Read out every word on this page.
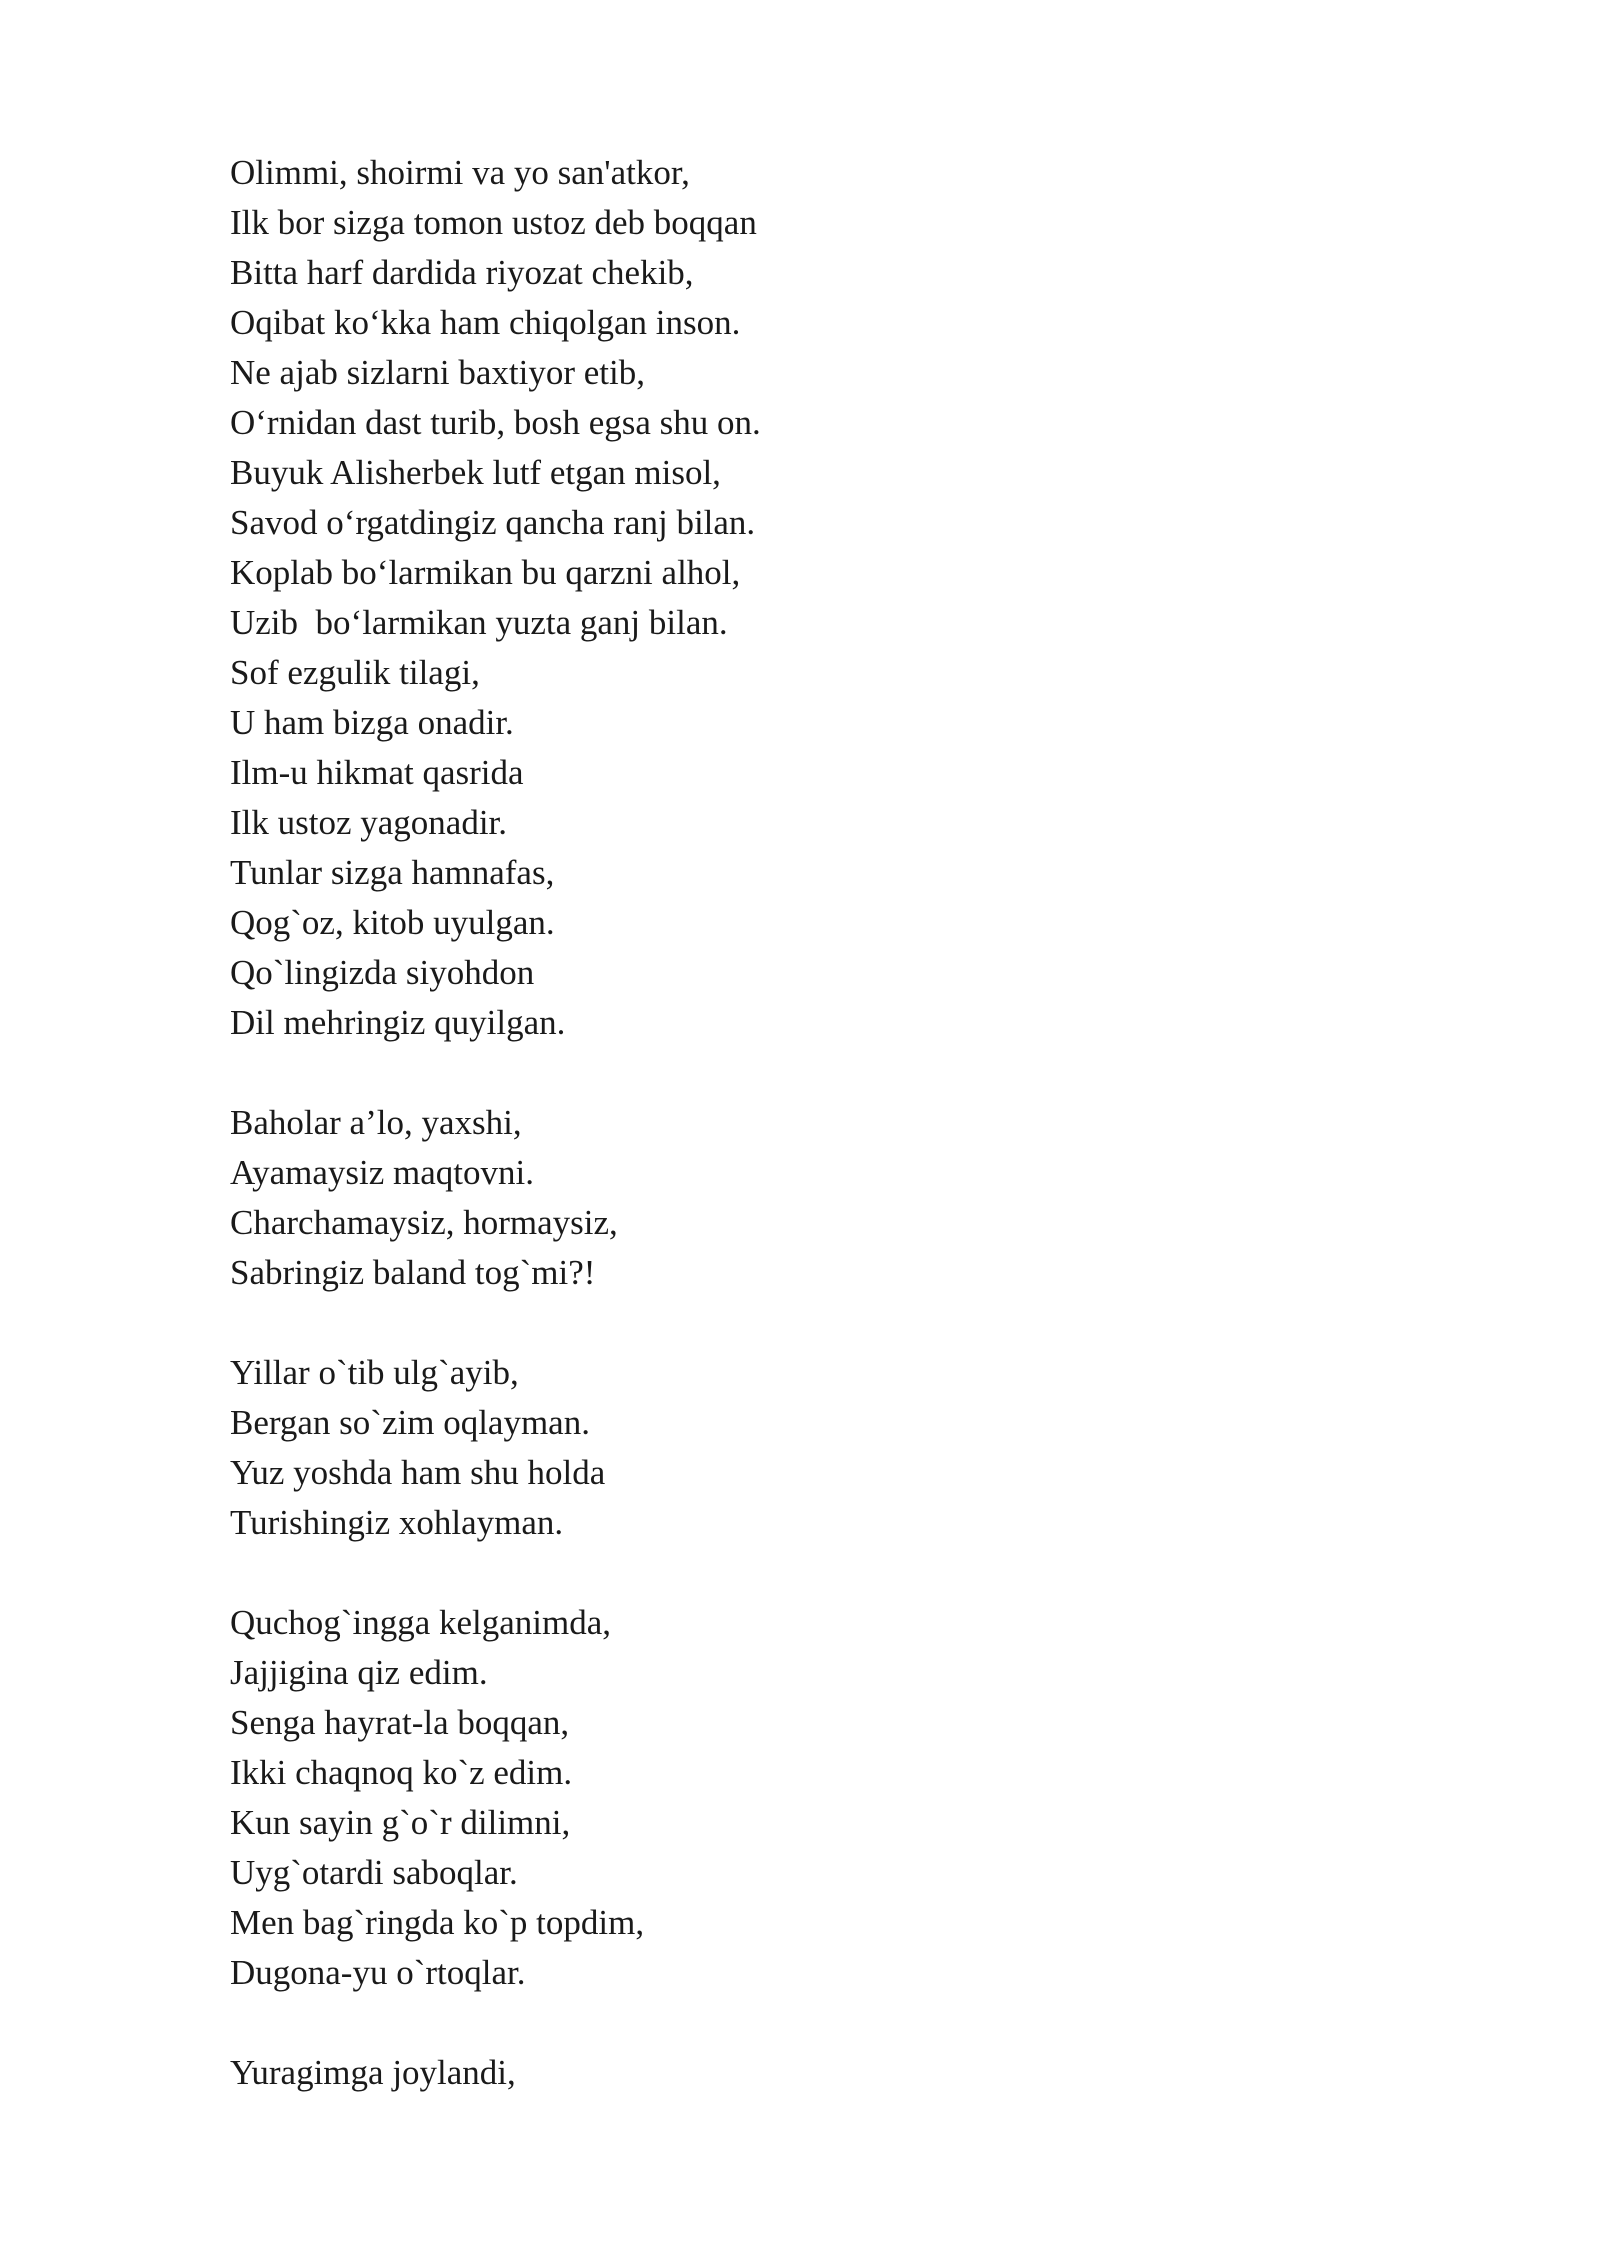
Olimmi, shoirmi va yo san'atkor,
Ilk bor sizga tomon ustoz deb boqqan
Bitta harf dardida riyozat chekib,
Oqibat koʻkka ham chiqolgan inson.
Ne ajab sizlarni baxtiyor etib,
Oʻrnidan dast turib, bosh egsa shu on.
Buyuk Alisherbek lutf etgan misol,
Savod oʻrgatdingiz qancha ranj bilan.
Koplab boʻlarmikan bu qarzni alhol,
Uzib  boʻlarmikan yuzta ganj bilan.
Sof ezgulik tilagi,
U ham bizga onadir.
Ilm-u hikmat qasrida
Ilk ustoz yagonadir.
Tunlar sizga hamnafas,
Qog`oz, kitob uyulgan.
Qo`lingizda siyohdon
Dil mehringiz quyilgan.
Baholar a’lo, yaxshi,
Ayamaysiz maqtovni.
Charchamaysiz, hormaysiz,
Sabringiz baland tog`mi?!
Yillar o`tib ulg`ayib,
Bergan so`zim oqlayman.
Yuz yoshda ham shu holda
Turishingiz xohlayman.
Quchog`ingga kelganimda,
Jajjigina qiz edim.
Senga hayrat-la boqqan,
Ikki chaqnoq ko`z edim.
Kun sayin g`o`r dilimni,
Uyg`otardi saboqlar.
Men bag`ringda ko`p topdim,
Dugona-yu o`rtoqlar.
Yuragimga joylandi,
